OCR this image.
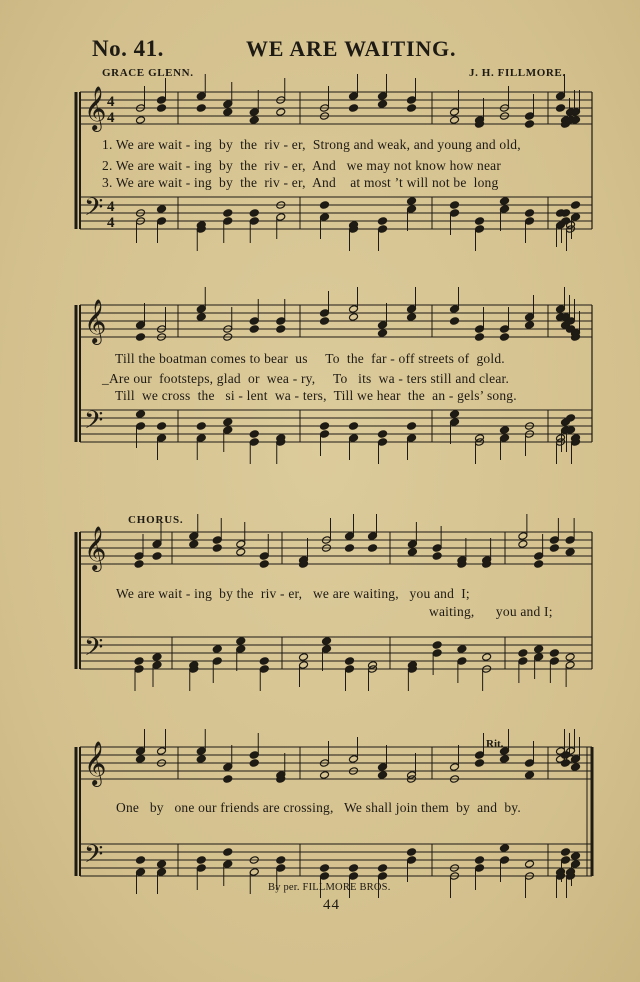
No. 41.	WE ARE WAITING.
GRACE GLENN.	J. H. FILLMORE.
𝄞
𝄢
4
4
4
4
𝄞
𝄢
𝄞
𝄢
𝄞
𝄢
1. We are wait - ing  by  the  riv - er,  Strong and weak, and young and old,
2. We are wait - ing  by  the  riv - er,  And   we may not know how near
3. We are wait - ing  by  the  riv - er,  And    at most ’t will not be  long
Till the boatman comes to bear  us     To  the  far - off streets of  gold.
_Are our  footsteps, glad  or  wea - ry,     To   its  wa - ters still and clear.
Till  we cross  the   si - lent  wa - ters,  Till we hear  the  an - gels’ song.
CHORUS.
We are wait - ing  by the  riv - er,   we are waiting,   you and  I;
waiting,      you and I;
Rit.
One   by   one our friends are crossing,   We shall join them  by  and  by.
By per. FILLMORE BROS.
44
